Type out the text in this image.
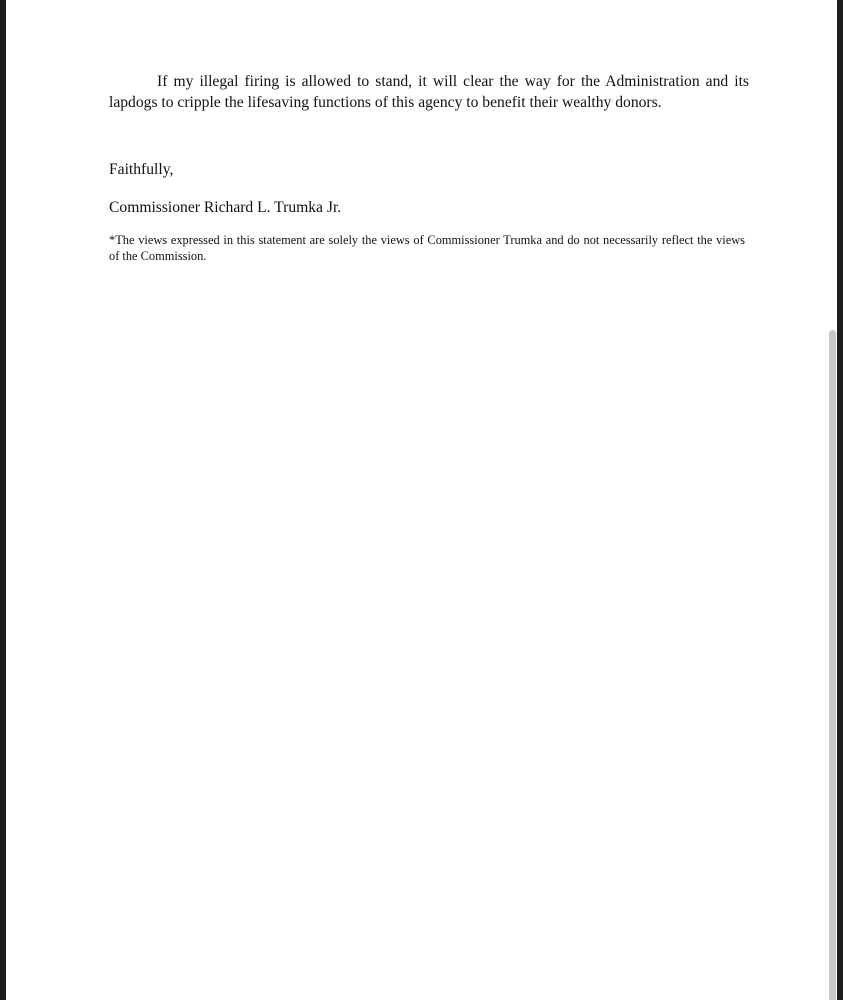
If my illegal firing is allowed to stand, it will clear the way for the Administration and its lapdogs to cripple the lifesaving functions of this agency to benefit their wealthy donors.

Faithfully,

Commissioner Richard L. Trumka Jr.

*The views expressed in this statement are solely the views of Commissioner Trumka and do not necessarily reflect the views of the Commission.
